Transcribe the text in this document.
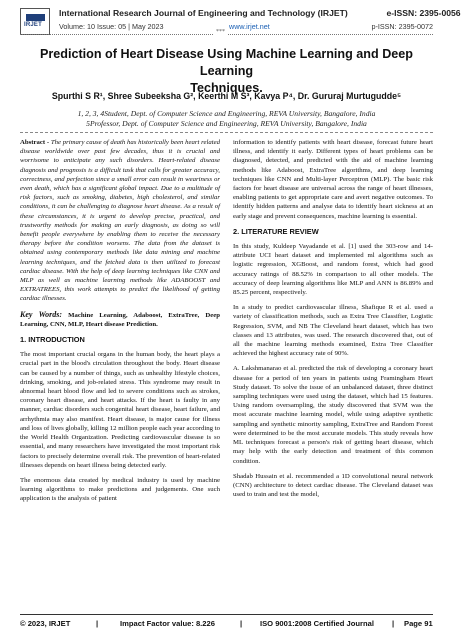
IRJET
International Research Journal of Engineering and Technology (IRJET)	e-ISSN: 2395-0056
Volume: 10 Issue: 05 | May 2023	www.irjet.net	p-ISSN: 2395-0072
***
Prediction of Heart Disease Using Machine Learning and Deep Learning
Techniques.
Spurthi S R¹, Shree Subeeksha G², Keerthi M S³, Kavya P⁴, Dr. Gururaj Murtugudde⁵
1, 2, 3, 4Student, Dept. of Computer Science and Engineering, REVA University, Bangalore, India
5Professor, Dept. of Computer Science and Engineering, REVA University, Bangalore, India

Abstract - The primary cause of death has historically been heart related disease worldwide over past few decades, thus it is crucial and worrisome to anticipate any such disorders. Heart-related disease diagnosis and prognosis is a difficult task that calls for greater accuracy, correctness, and perfection since a small error can result in weariness or even death, which has a significant global impact. Due to a multitude of risk factors, such as smoking, diabetes, high cholesterol, and similar conditions, it can be challenging to diagnose heart disease. As a result of these circumstances, it is urgent to develop precise, practical, and trustworthy methods for making an early diagnosis, as doing so will benefit people everywhere by enabling them to receive the necessary therapy before the condition worsens. The data from the dataset is obtained using contemporary methods like data mining and machine learning techniques, and the fetched data is then utilized to forecast cardiac disease. With the help of deep learning techniques like CNN and MLP as well as machine learning methods like ADABOOST and EXTRATREES, this work attempts to predict the likelihood of getting cardiac illnesses.

Key Words: Machine Learning, Adaboost, ExtraTree, Deep Learning, CNN, MLP, Heart disease Prediction.

1. INTRODUCTION

The most important crucial organs in the human body, the heart plays a crucial part in the blood's circulation throughout the body. Heart disease can be caused by a number of things, such as unhealthy lifestyle choices, drinking, smoking, and job-related stress. This syndrome may result in abnormal heart blood flow and led to severe conditions such as strokes, coronary heart disease, and heart attacks. If the heart is faulty in any manner, cardiac disorders such congenital heart disease, heart failure, and arrhythmia may also manifest. Heart disease, is major cause for illness and loss of lives globally, killing 12 million people each year according to the World Health Organization. Predicting cardiovascular disease is so essential, and many researchers have investigated the most important risk factors to precisely determine overall risk. The prevention of heart-related illnesses depends on heart illness being detected early.

The enormous data created by medical industry is used by machine learning algorithms to make predictions and judgements. One such application is the analysis of patient

information to identify patients with heart disease, forecast future heart illness, and identify it early. Different types of heart problems can be diagnosed, detected, and predicted with the aid of machine learning methods like Adaboost, ExtraTree algorithms, and deep learning techniques like CNN and Multi-layer Perceptron (MLP). The basic risk factors for heart disease are universal across the range of heart illnesses, enabling patients to get appropriate care and avert negative outcomes. To identify hidden patterns and analyse data to identify heart sickness at an early stage and prevent consequences, machine learning is essential.

2. LITERATURE REVIEW

In this study, Kuldeep Vayadande et al. [1] used the 303-row and 14-attribute UCI heart dataset and implemented ml algorithms such as logistic regression, XGBoost, and random forest, which had good accuracy ratings of 88.52% in comparison to all other models. The accuracy of deep learning algorithms like MLP and ANN is 86.89% and 85.25 percent, respectively.

In a study to predict cardiovascular illness, Shafique R et al. used a variety of classification methods, such as Extra Tree Classifier, Logistic Regression, SVM, and NB The Cleveland heart dataset, which has two classes and 13 attributes, was used. The research discovered that, out of all the machine learning methods examined, Extra Tree Classifier achieved the highest accuracy rate of 90%.

A. Lakshmanarao et al. predicted the risk of developing a coronary heart disease for a period of ten years in patients using Framingham Heart Study dataset. To solve the issue of an unbalanced dataset, three distinct sampling techniques were used using the dataset, which had 15 features. Using random oversampling, the study discovered that SVM was the most accurate machine learning model, while using adaptive synthetic sampling and synthetic minority sampling, ExtraTree and Random Forest were determined to be the most accurate models. This study reveals how ML techniques forecast a person's risk of getting heart disease, which may help with the early detection and treatment of this common condition.

Shadab Hussain et al. recommended a 1D convolutional neural network (CNN) architecture to detect cardiac disease. The Cleveland dataset was used to train and test the model,

© 2023, IRJET	|	Impact Factor value: 8.226	| ISO 9001:2008 Certified Journal | Page 91
